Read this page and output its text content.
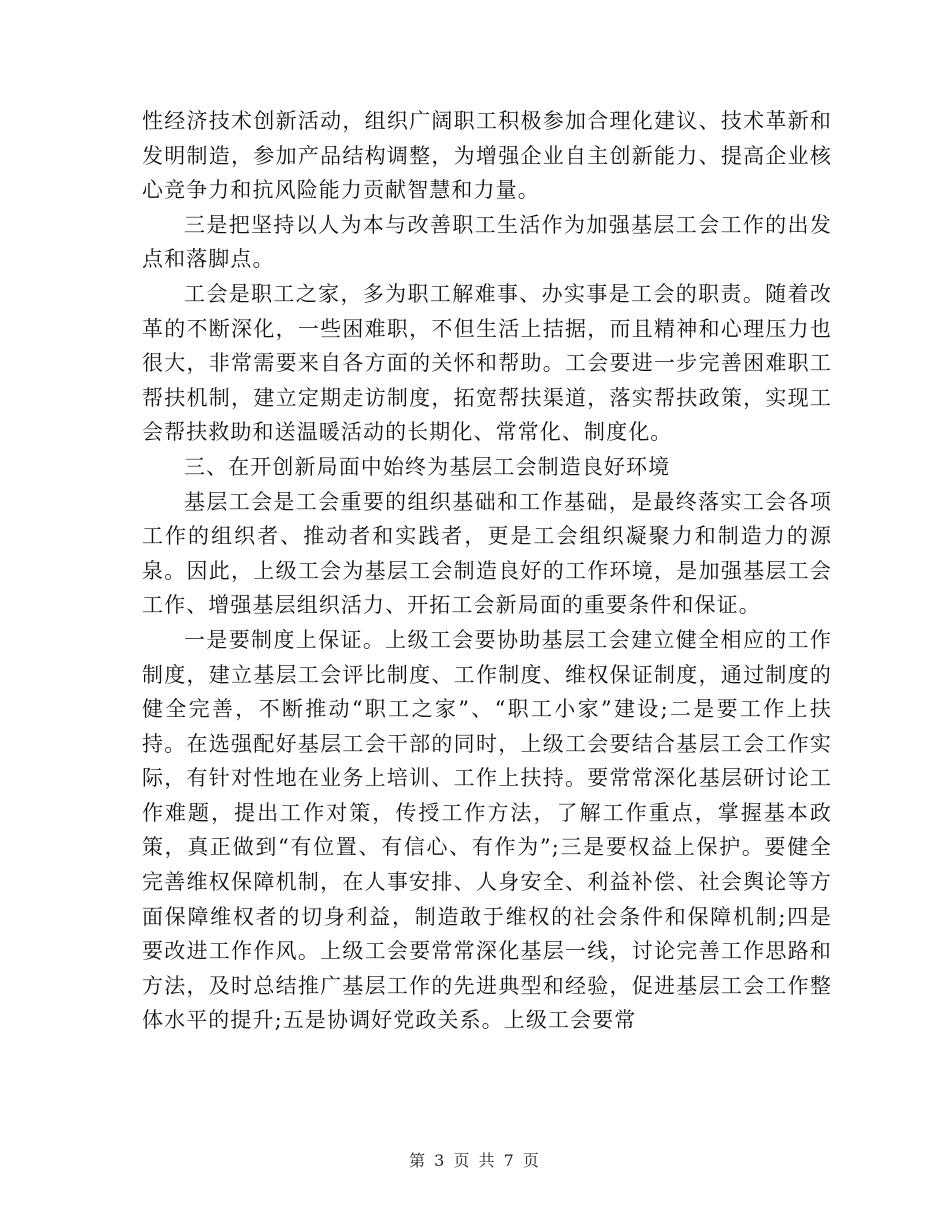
性经济技术创新活动，组织广阔职工积极参加合理化建议、技术革新和发明制造，参加产品结构调整，为增强企业自主创新能力、提高企业核心竞争力和抗风险能力贡献智慧和力量。

三是把坚持以人为本与改善职工生活作为加强基层工会工作的出发点和落脚点。

工会是职工之家，多为职工解难事、办实事是工会的职责。随着改革的不断深化，一些困难职，不但生活上拮据，而且精神和心理压力也很大，非常需要来自各方面的关怀和帮助。工会要进一步完善困难职工帮扶机制，建立定期走访制度，拓宽帮扶渠道，落实帮扶政策，实现工会帮扶救助和送温暖活动的长期化、常常化、制度化。

三、在开创新局面中始终为基层工会制造良好环境

基层工会是工会重要的组织基础和工作基础，是最终落实工会各项工作的组织者、推动者和实践者，更是工会组织凝聚力和制造力的源泉。因此，上级工会为基层工会制造良好的工作环境，是加强基层工会工作、增强基层组织活力、开拓工会新局面的重要条件和保证。

一是要制度上保证。上级工会要协助基层工会建立健全相应的工作制度，建立基层工会评比制度、工作制度、维权保证制度，通过制度的健全完善，不断推动“职工之家”、“职工小家”建设;二是要工作上扶持。在选强配好基层工会干部的同时，上级工会要结合基层工会工作实际，有针对性地在业务上培训、工作上扶持。要常常深化基层研讨论工作难题，提出工作对策，传授工作方法，了解工作重点，掌握基本政策，真正做到“有位置、有信心、有作为”;三是要权益上保护。要健全完善维权保障机制，在人事安排、人身安全、利益补偿、社会舆论等方面保障维权者的切身利益，制造敢于维权的社会条件和保障机制;四是要改进工作作风。上级工会要常常深化基层一线，讨论完善工作思路和方法，及时总结推广基层工作的先进典型和经验，促进基层工会工作整体水平的提升;五是协调好党政关系。上级工会要常

第 3 页 共 7 页
